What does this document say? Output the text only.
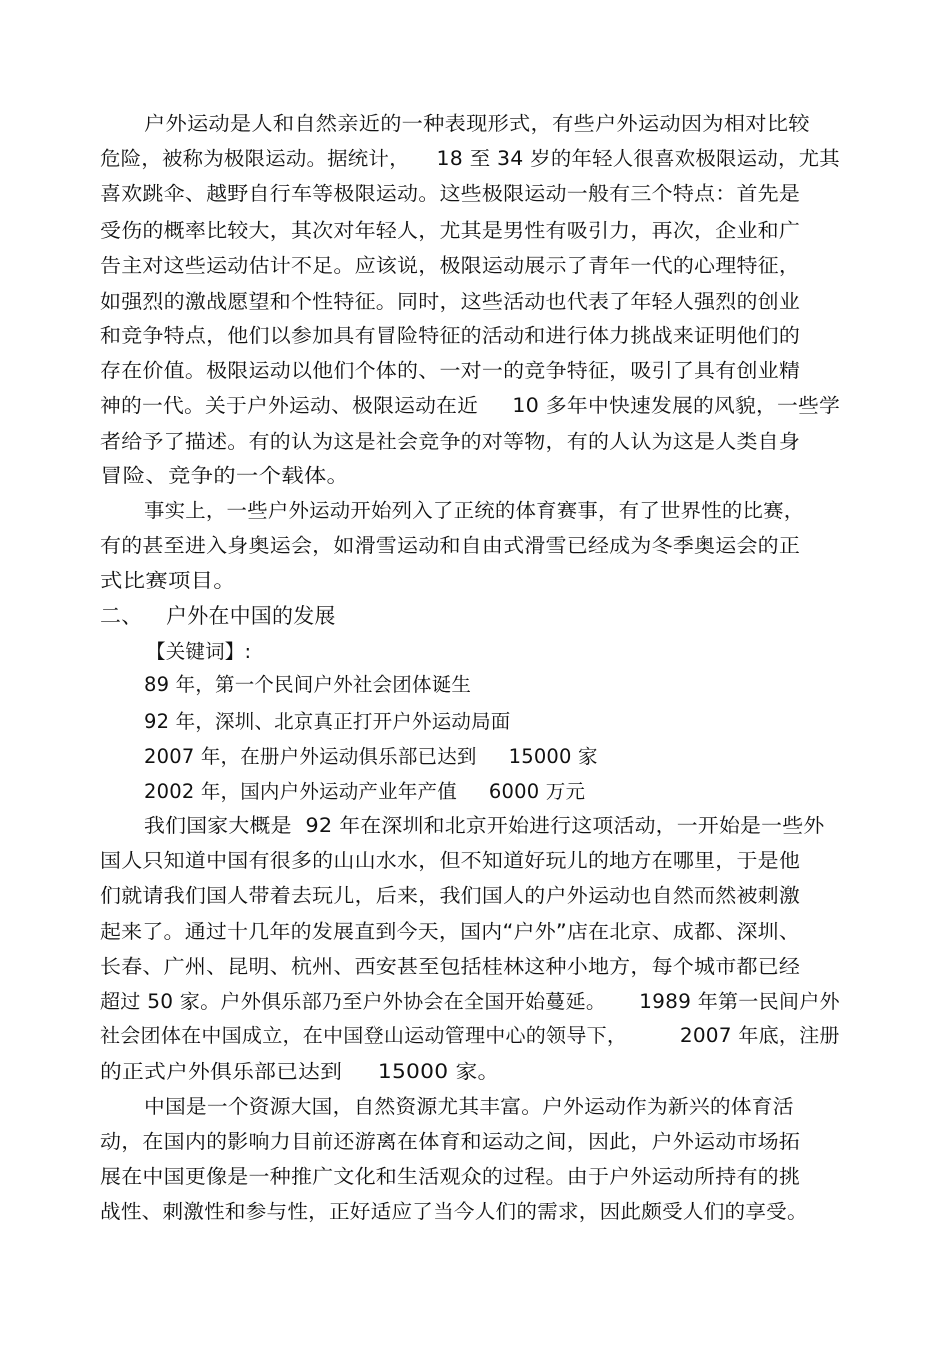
户外运动是人和自然亲近的一种表现形式，有些户外运动因为相对比较
危险，被称为极限运动。据统计，    18 至 34 岁的年轻人很喜欢极限运动，尤其
喜欢跳伞、越野自行车等极限运动。这些极限运动一般有三个特点：首先是
受伤的概率比较大，其次对年轻人，尤其是男性有吸引力，再次，企业和广
告主对这些运动估计不足。应该说，极限运动展示了青年一代的心理特征，
如强烈的激战愿望和个性特征。同时，这些活动也代表了年轻人强烈的创业
和竞争特点，他们以参加具有冒险特征的活动和进行体力挑战来证明他们的
存在价值。极限运动以他们个体的、一对一的竞争特征，吸引了具有创业精
神的一代。关于户外运动、极限运动在近     10 多年中快速发展的风貌，一些学
者给予了描述。有的认为这是社会竞争的对等物，有的人认为这是人类自身
冒险、竞争的一个载体。
事实上，一些户外运动开始列入了正统的体育赛事，有了世界性的比赛，
有的甚至进入身奥运会，如滑雪运动和自由式滑雪已经成为冬季奥运会的正
式比赛项目。
二、 户外在中国的发展
【关键词】:
89 年，第一个民间户外社会团体诞生
92 年，深圳、北京真正打开户外运动局面
2007 年，在册户外运动俱乐部已达到     15000 家
2002 年，国内户外运动产业年产值     6000 万元
我们国家大概是  92 年在深圳和北京开始进行这项活动，一开始是一些外
国人只知道中国有很多的山山水水，但不知道好玩儿的地方在哪里，于是他
们就请我们国人带着去玩儿，后来，我们国人的户外运动也自然而然被刺激
起来了。通过十几年的发展直到今天，国内“户外”店在北京、成都、深圳、
长春、广州、昆明、杭州、西安甚至包括桂林这种小地方，每个城市都已经
超过 50 家。户外俱乐部乃至户外协会在全国开始蔓延。     1989 年第一民间户外
社会团体在中国成立，在中国登山运动管理中心的领导下，        2007 年底，注册
的正式户外俱乐部已达到     15000 家。
中国是一个资源大国，自然资源尤其丰富。户外运动作为新兴的体育活
动，在国内的影响力目前还游离在体育和运动之间，因此，户外运动市场拓
展在中国更像是一种推广文化和生活观众的过程。由于户外运动所持有的挑
战性、刺激性和参与性，正好适应了当今人们的需求，因此颇受人们的享受。
